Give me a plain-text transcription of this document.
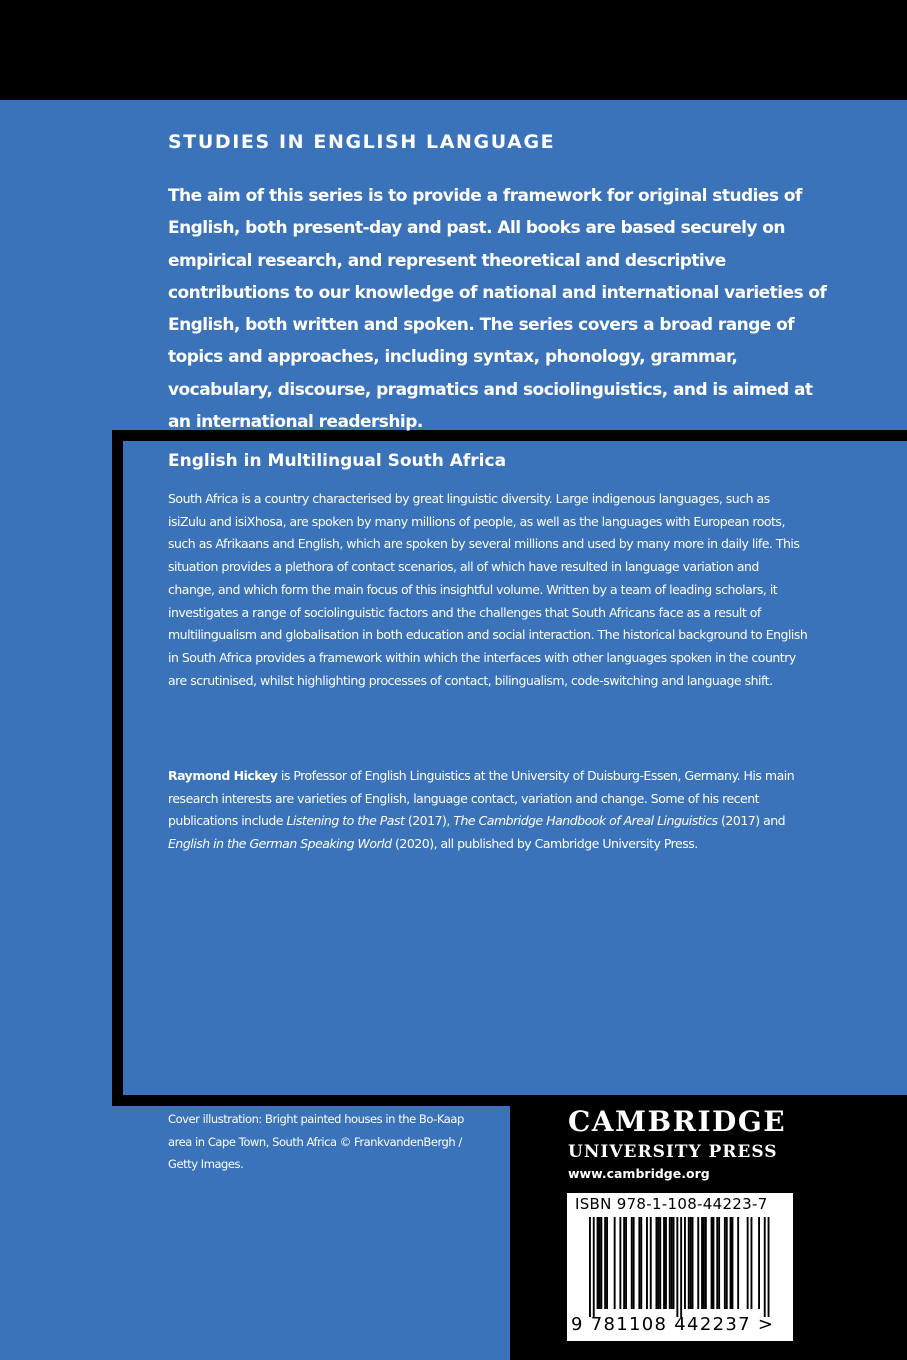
STUDIES IN ENGLISH LANGUAGE

The aim of this series is to provide a framework for original studies of English, both present-day and past. All books are based securely on empirical research, and represent theoretical and descriptive contributions to our knowledge of national and international varieties of English, both written and spoken. The series covers a broad range of topics and approaches, including syntax, phonology, grammar, vocabulary, discourse, pragmatics and sociolinguistics, and is aimed at an international readership.

English in Multilingual South Africa

South Africa is a country characterised by great linguistic diversity. Large indigenous languages, such as isiZulu and isiXhosa, are spoken by many millions of people, as well as the languages with European roots, such as Afrikaans and English, which are spoken by several millions and used by many more in daily life. This situation provides a plethora of contact scenarios, all of which have resulted in language variation and change, and which form the main focus of this insightful volume. Written by a team of leading scholars, it investigates a range of sociolinguistic factors and the challenges that South Africans face as a result of multilingualism and globalisation in both education and social interaction. The historical background to English in South Africa provides a framework within which the interfaces with other languages spoken in the country are scrutinised, whilst highlighting processes of contact, bilingualism, code-switching and language shift.

Raymond Hickey is Professor of English Linguistics at the University of Duisburg-Essen, Germany. His main research interests are varieties of English, language contact, variation and change. Some of his recent publications include Listening to the Past (2017), The Cambridge Handbook of Areal Linguistics (2017) and English in the German Speaking World (2020), all published by Cambridge University Press.

Cover illustration: Bright painted houses in the Bo-Kaap area in Cape Town, South Africa © FrankvandenBergh / Getty Images.

CAMBRIDGE
UNIVERSITY PRESS
www.cambridge.org
ISBN 978-1-108-44223-7
9 781108 442237 >
